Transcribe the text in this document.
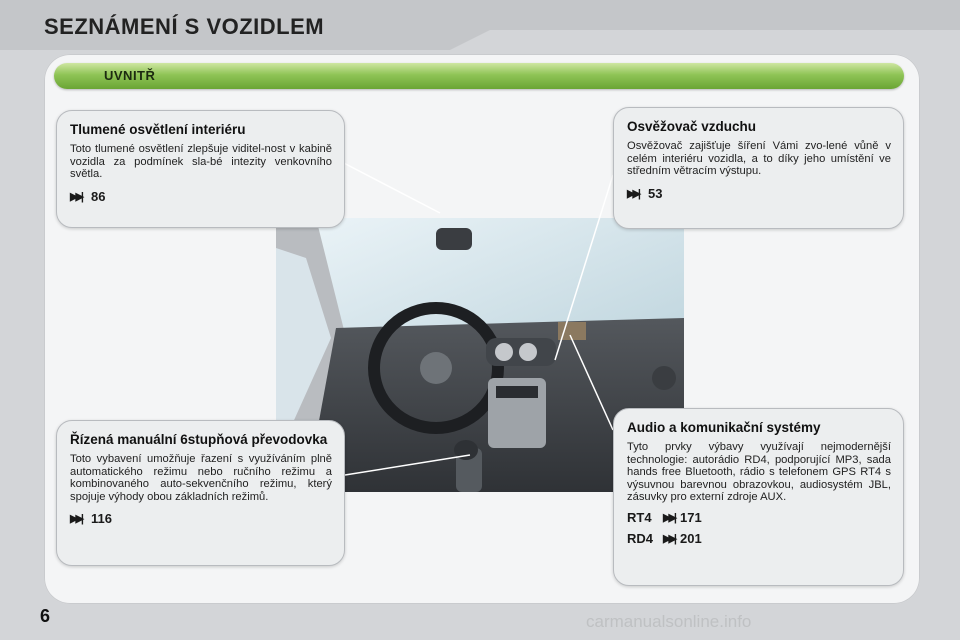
SEZNÁMENÍ S VOZIDLEM
UVNITŘ
Tlumené osvětlení interiéru

Toto tlumené osvětlení zlepšuje viditel-nost v kabině vozidla za podmínek sla-bé intezity venkovního světla.

▶▶| 86
Osvěžovač vzduchu

Osvěžovač zajišťuje šíření Vámi zvo-lené vůně v celém interiéru vozidla, a to díky jeho umístění ve středním větracím výstupu.

▶▶| 53
Řízená manuální 6stupňová převodovka

Toto vybavení umožňuje řazení s využíváním plně automatického režimu nebo ručního režimu a kombinovaného auto-sekvenčního režimu, který spojuje výhody obou základních režimů.

▶▶| 116
Audio a komunikační systémy

Tyto prvky výbavy využívají nejmodernější technologie: autorádio RD4, podporující MP3, sada hands free Bluetooth, rádio s telefonem GPS RT4 s výsuvnou barevnou obrazovkou, audiosystém JBL, zásuvky pro externí zdroje AUX.

RT4	▶▶| 171
RD4 ▶▶| 201
6	carmanualsonline.info
